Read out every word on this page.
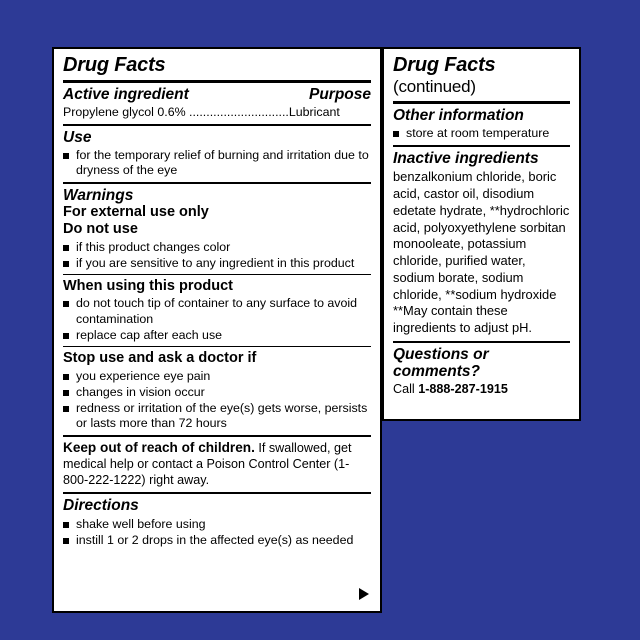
Drug Facts
Active ingredient	Purpose
Propylene glycol 0.6% .............................Lubricant
Use
for the temporary relief of burning and irritation due to dryness of the eye
Warnings
For external use only
Do not use
if this product changes color
if you are sensitive to any ingredient in this product
When using this product
do not touch tip of container to any surface to avoid contamination
replace cap after each use
Stop use and ask a doctor if
you experience eye pain
changes in vision occur
redness or irritation of the eye(s) gets worse, persists or lasts more than 72 hours
Keep out of reach of children. If swallowed, get medical help or contact a Poison Control Center (1-800-222-1222) right away.
Directions
shake well before using
instill 1 or 2 drops in the affected eye(s) as needed
Drug Facts (continued)
Other information
store at room temperature
Inactive ingredients
benzalkonium chloride, boric acid, castor oil, disodium edetate hydrate, **hydrochloric acid, polyoxyethylene sorbitan monooleate, potassium chloride, purified water, sodium borate, sodium chloride, **sodium hydroxide **May contain these ingredients to adjust pH.
Questions or comments?
Call 1-888-287-1915
